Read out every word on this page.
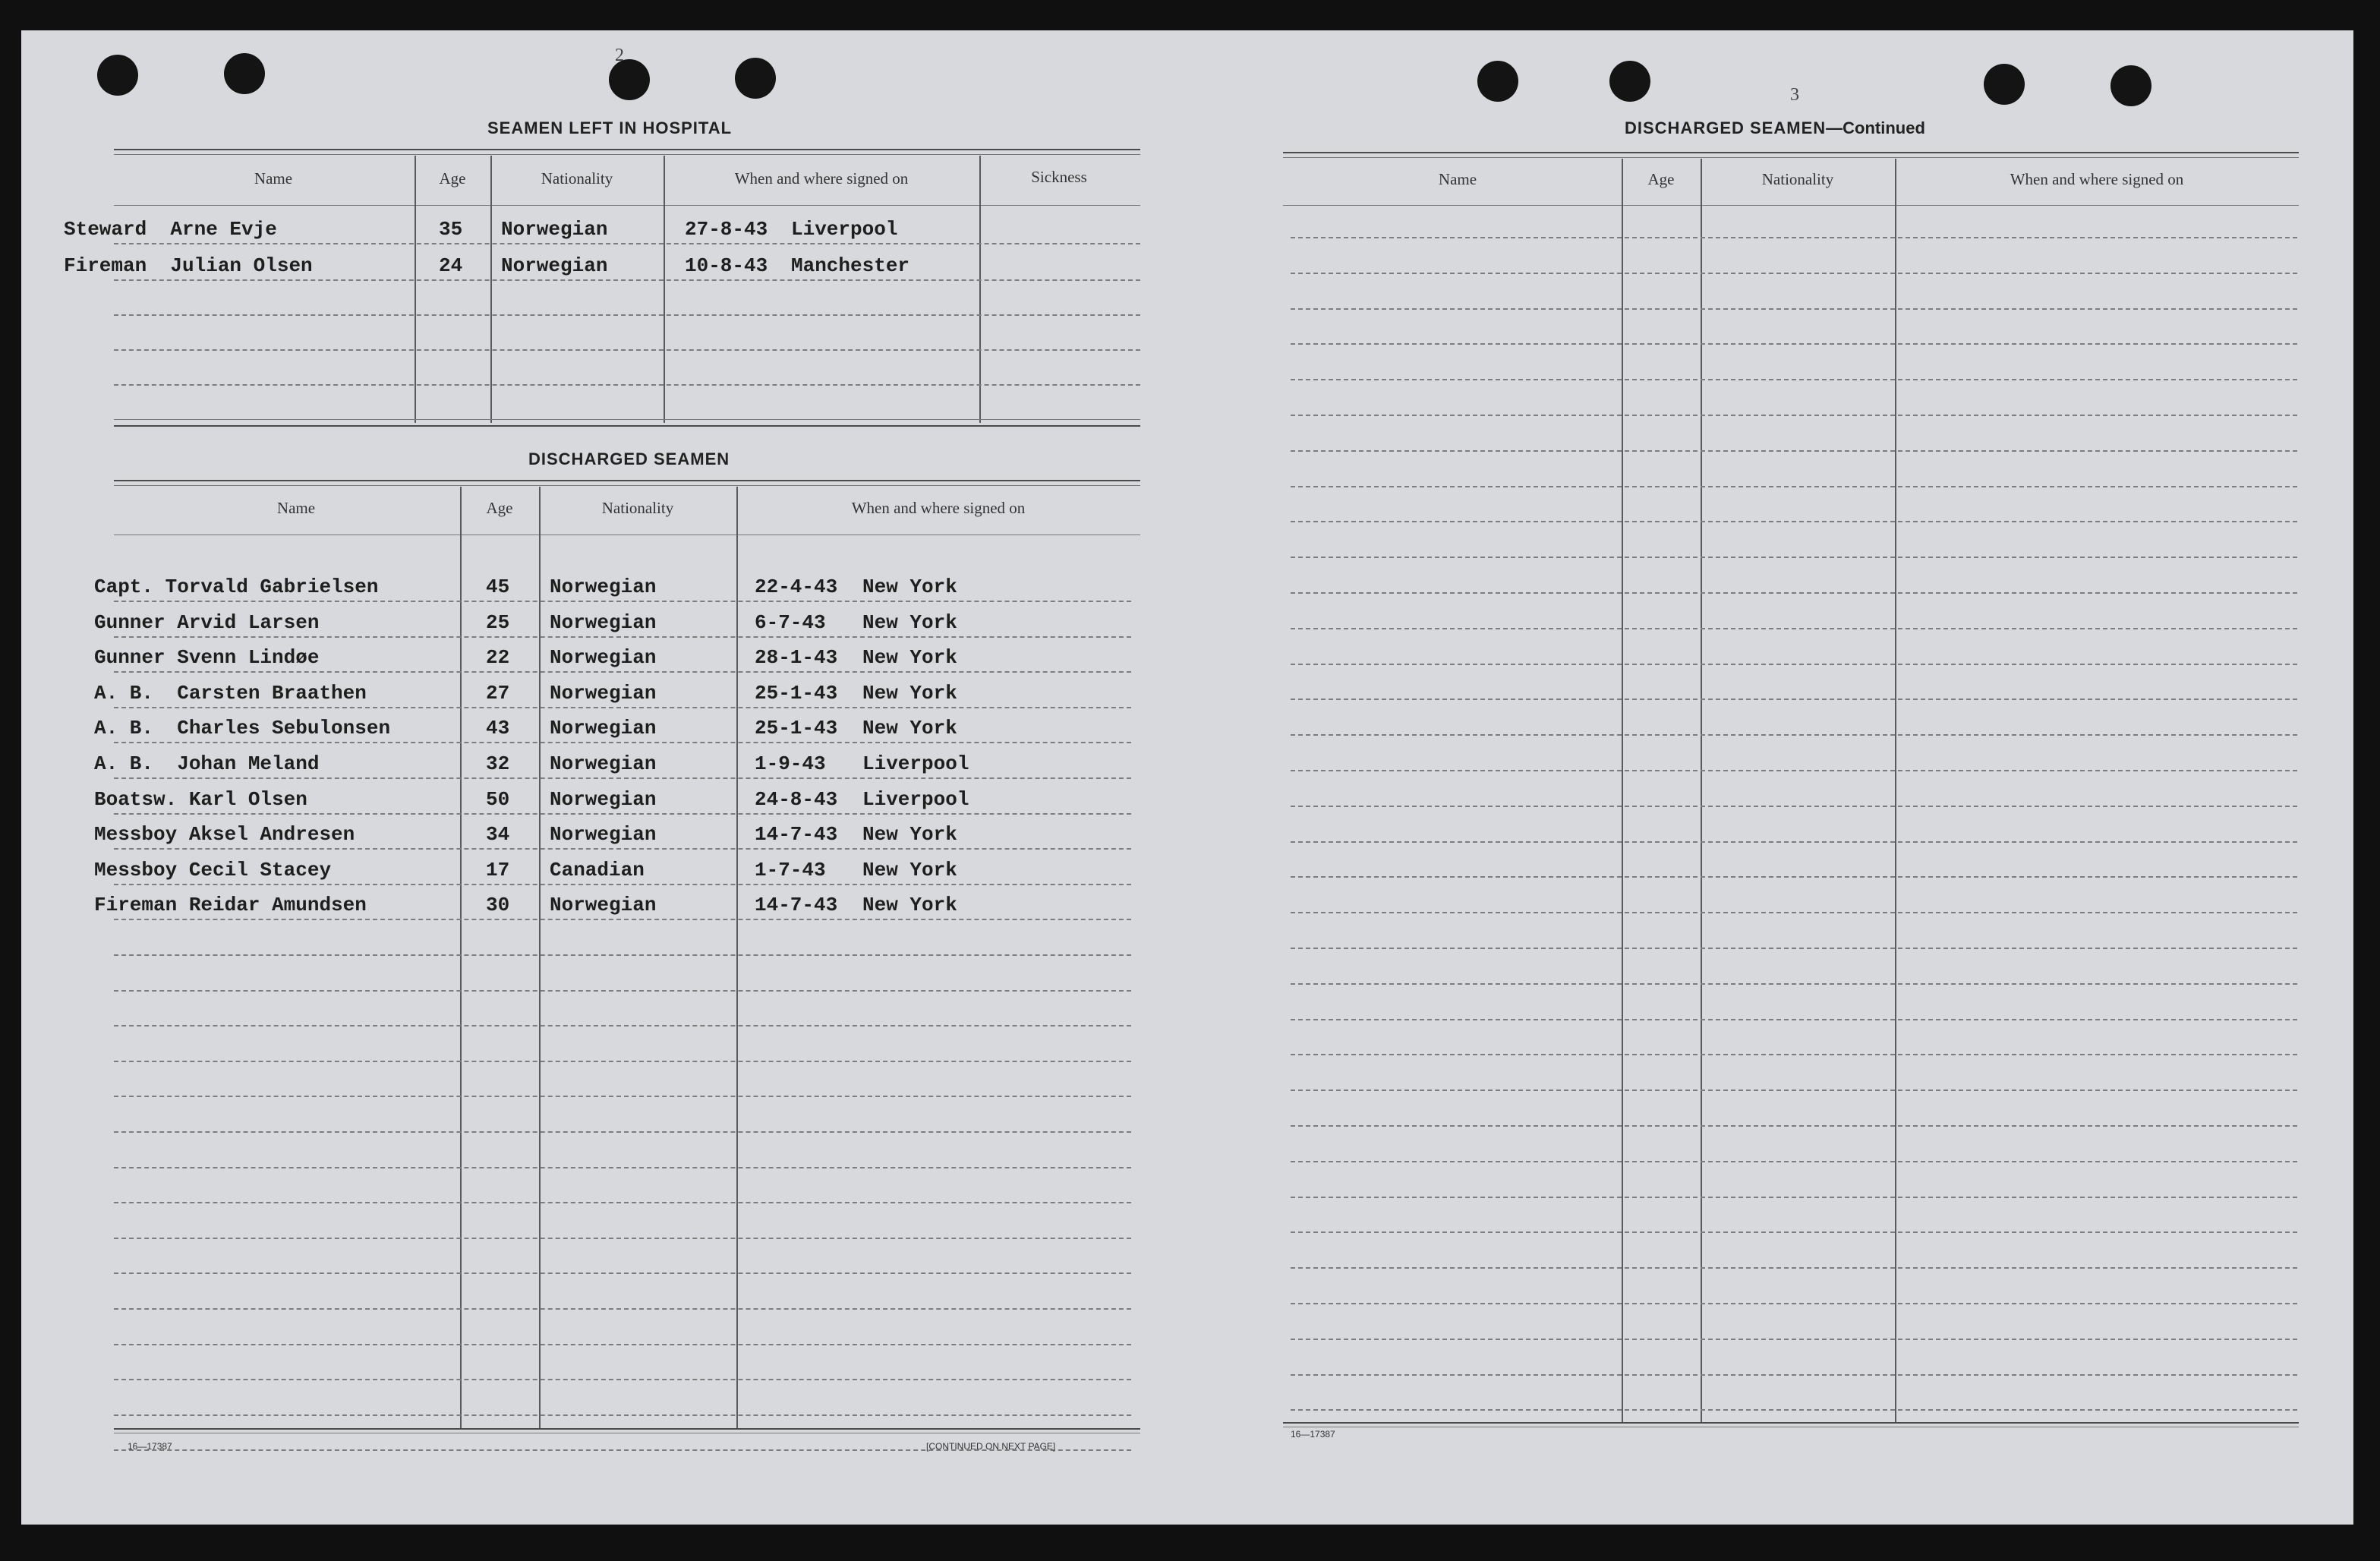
2
SEAMEN LEFT IN HOSPITAL
Name	Age	Nationality	When and where signed on	Sickness
Steward  Arne Evje	35 Norwegian	27-8-43 Liverpool
Fireman  Julian Olsen	24 Norwegian	10-8-43 Manchester
DISCHARGED SEAMEN
Name	Age	Nationality	When and where signed on
Capt. Torvald Gabrielsen	45 Norwegian	22-4-43 New York
Gunner Arvid Larsen	25 Norwegian	6-7-43 New York
Gunner Svenn Lindøe	22 Norwegian	28-1-43 New York
A. B.  Carsten Braathen	27 Norwegian	25-1-43 New York
A. B.  Charles Sebulonsen	43 Norwegian	25-1-43 New York
A. B.  Johan Meland	32 Norwegian	1-9-43 Liverpool
Boatsw. Karl Olsen	50 Norwegian	24-8-43 Liverpool
Messboy Aksel Andresen	34 Norwegian	14-7-43 New York
Messboy Cecil Stacey	17 Canadian	1-7-43 New York
Fireman Reidar Amundsen	30 Norwegian	14-7-43 New York
16—17387	[CONTINUED ON NEXT PAGE]
3
DISCHARGED SEAMEN—Continued
Name	Age	Nationality	When and where signed on
16—17387
